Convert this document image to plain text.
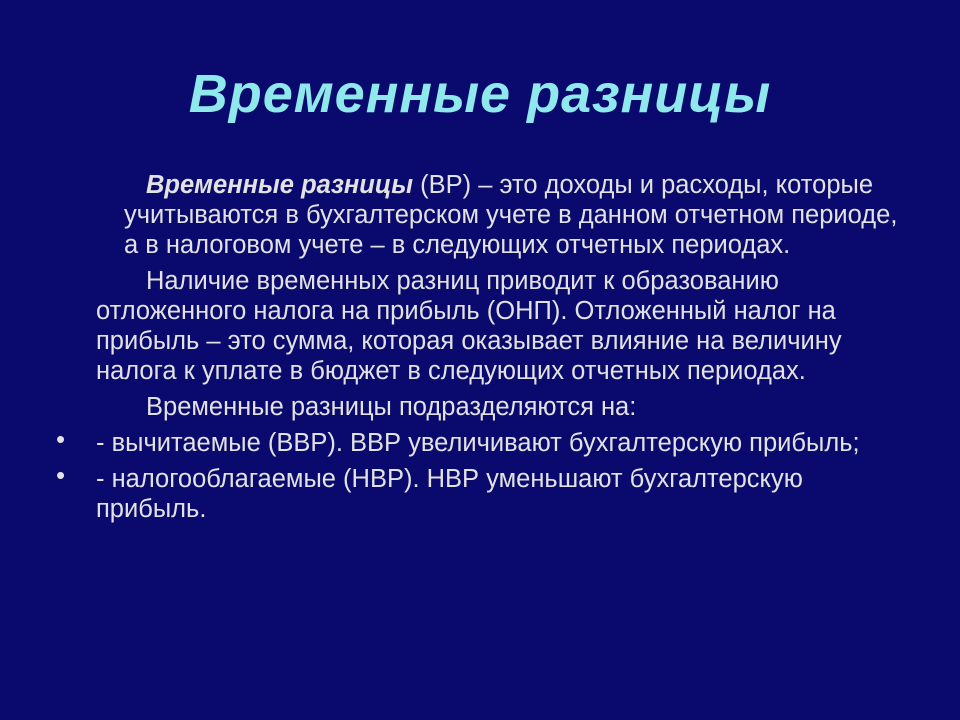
Временные разницы

Временные разницы (ВР) – это доходы и расходы, которые учитываются в бухгалтерском учете в данном отчетном периоде, а в налоговом учете – в следующих отчетных периодах.

Наличие временных разниц приводит к образованию отложенного налога на прибыль (ОНП). Отложенный налог на прибыль – это сумма, которая оказывает влияние на величину налога к уплате в бюджет в следующих отчетных периодах.

Временные разницы подразделяются на:

• - вычитаемые (ВВР). ВВР увеличивают бухгалтерскую прибыль;
• - налогооблагаемые (НВР). НВР уменьшают бухгалтерскую прибыль.
